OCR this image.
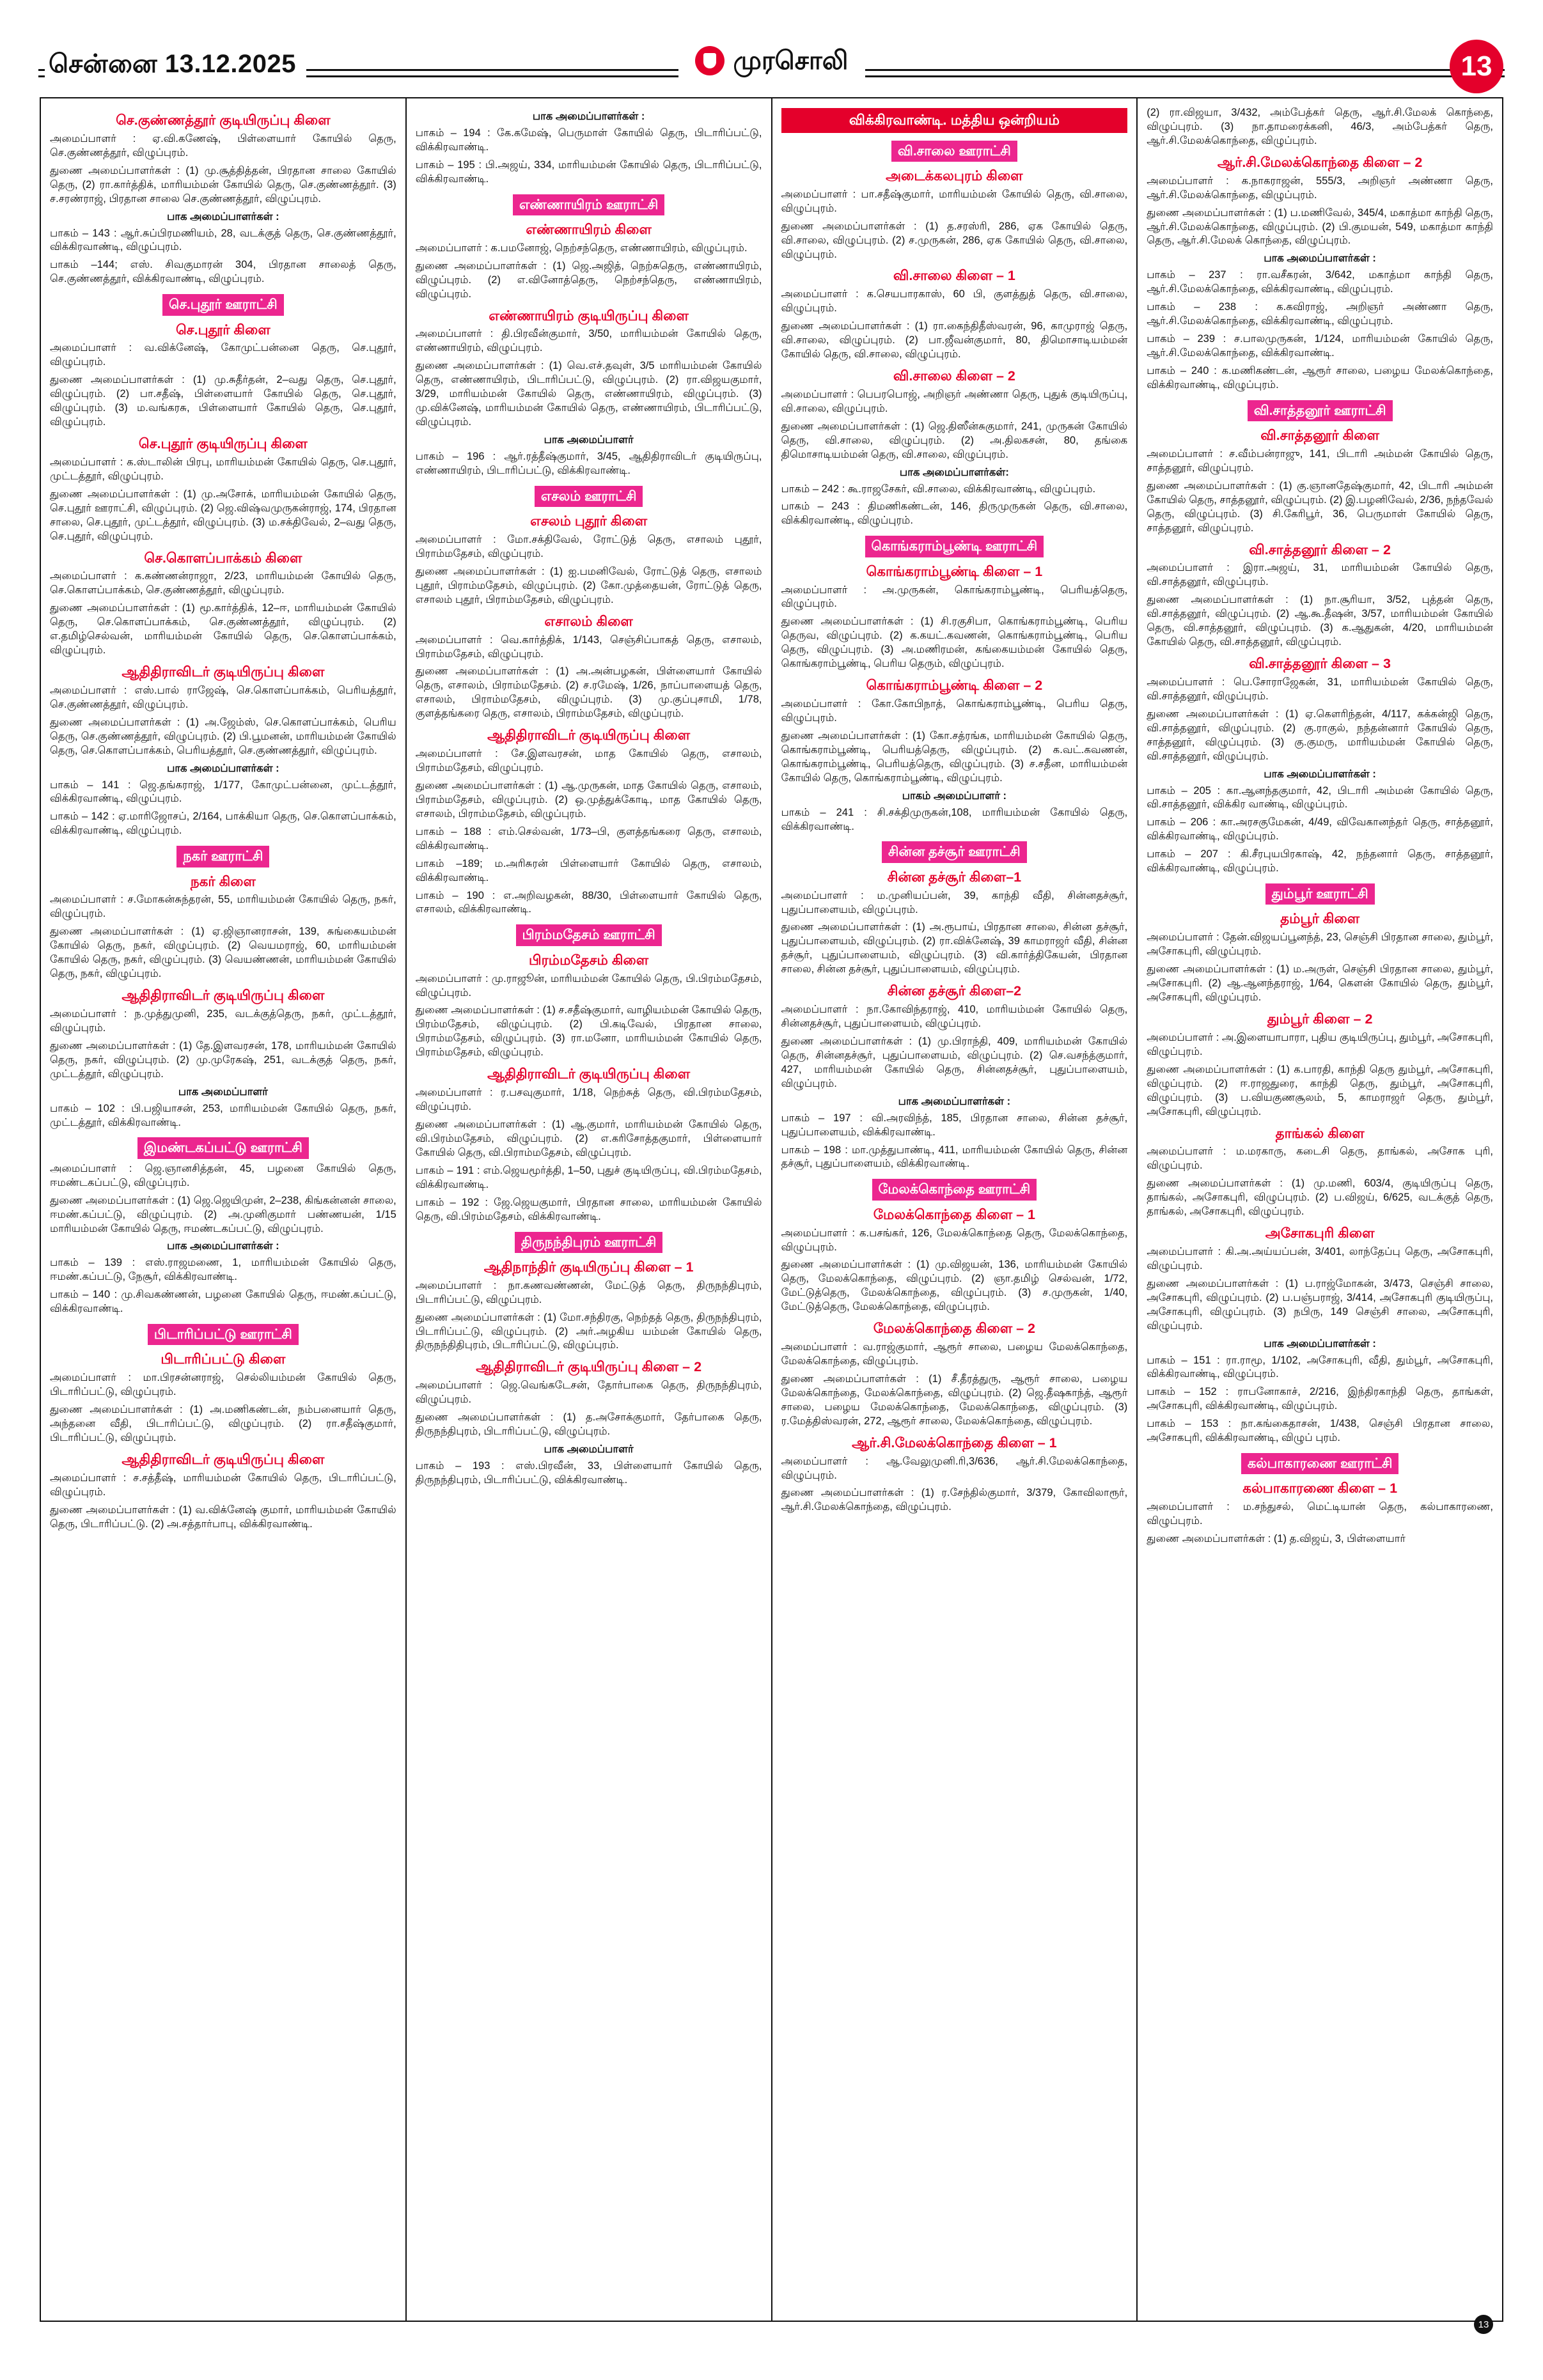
சென்னை 13.12.2025	முரசொலி	13
செ.குண்ணத்தூர் குடியிருப்பு கிளை
அமைப்பாளர் : ஏ.வி.கணேஷ், பிள்ளையார் கோயில் தெரு, செ.குண்ணத்தூர், விழுப்புரம்.
துணை அமைப்பாளர்கள் : (1) மு.சூத்தித்தன், பிரதான சாலை கோயில் தெரு, (2) ரா.கார்த்திக், மாரியம்மன் கோயில் தெரு, செ.குண்ணத்தூர். (3) ச.சரண்ராஜ், பிரதான சாலை செ.குண்ணத்தூர், விழுப்புரம்.
பாக அமைப்பாளர்கள் :
பாகம் – 143 : ஆர்.சுப்பிரமணியம், 28, வடக்குத் தெரு, செ.குண்ணத்தூர், விக்கிரவாண்டி, விழுப்புரம்.
பாகம் –144; எஸ். சிவகுமாரன் 304, பிரதான சாலைத் தெரு, செ.குண்ணத்தூர், விக்கிரவாண்டி, விழுப்புரம்.
செ.புதூர் ஊராட்சி
செ.புதூர் கிளை
அமைப்பாளர் : வ.விக்னேஷ், கோமுட்பன்னை தெரு, செ.புதூர், விழுப்புரம்.
துணை அமைப்பாளர்கள் : (1) மு.சுதீர்தன், 2–வது தெரு, செ.புதூர், விழுப்புரம். (2) பா.சதீஷ், பிள்ளையார் கோயில் தெரு, செ.புதூர், விழுப்புரம். (3) ம.வங்கரசு, பிள்ளையார் கோயில் தெரு, செ.புதூர், விழுப்புரம்.
செ.புதூர் குடியிருப்பு கிளை
அமைப்பாளர் : க.ஸ்டாலின் பிரபு, மாரியம்மன் கோயில் தெரு, செ.புதூர், முட்டத்தூர், விழுப்புரம்.
துணை அமைப்பாளர்கள் : (1) மு.அசோக், மாரியம்மன் கோயில் தெரு, செ.புதூர் ஊராட்சி, விழுப்புரம். (2) ஜெ.விஷ்வமுருகன்ராஜ், 174, பிரதான சாலை, செ.புதூர், முட்டத்தூர், விழுப்புரம். (3) ம.சக்திவேல், 2–வது தெரு, செ.புதூர், விழுப்புரம்.
செ.கொளப்பாக்கம் கிளை
அமைப்பாளர் : க.கண்ணன்ராஜா, 2/23, மாரியம்மன் கோயில் தெரு, செ.கொளப்பாக்கம், செ.குண்ணத்தூர், விழுப்புரம்.
துணை அமைப்பாளர்கள் : (1) மூ.கார்த்திக், 12–ஈ, மாரியம்மன் கோயில் தெரு, செ.கொளப்பாக்கம், செ.குண்ணத்தூர், விழுப்புரம். (2) எ.தமிழ்செல்வன், மாரியம்மன் கோயில் தெரு, செ.கொளப்பாக்கம், விழுப்புரம்.
ஆதிதிராவிடர் குடியிருப்பு கிளை
அமைப்பாளர் : எஸ்.பால் ராஜேஷ், செ.கொளப்பாக்கம், பெரியத்தூர், செ.குண்ணத்தூர், விழுப்புரம்.
துணை அமைப்பாளர்கள் : (1) அ.ஜேம்ஸ், செ.கொளப்பாக்கம், பெரிய தெரு, செ.குண்ணத்தூர், விழுப்புரம். (2) பி.பூமனன், மாரியம்மன் கோயில் தெரு, செ.கொளப்பாக்கம், பெரியத்தூர், செ.குண்ணத்தூர், விழுப்புரம்.
பாக அமைப்பாளர்கள் :
பாகம் – 141 : ஜெ.தங்கராஜ், 1/177, கோமுட்பன்னை, முட்டத்தூர், விக்கிரவாண்டி, விழுப்புரம்.
பாகம் – 142 : ஏ.மாரிஜோசப், 2/164, பாக்கியா தெரு, செ.கொளப்பாக்கம், விக்கிரவாண்டி, விழுப்புரம்.
நகர் ஊராட்சி
நகர் கிளை
அமைப்பாளர் : ச.மோகன்சுந்தரன், 55, மாரியம்மன் கோயில் தெரு, நகர், விழுப்புரம்.
துணை அமைப்பாளர்கள் : (1) ஏ.ஜிஞானராசன், 139, சுங்கையம்மன் கோயில் தெரு, நகர், விழுப்புரம். (2) வெயமராஜ், 60, மாரியம்மன் கோயில் தெரு, நகர், விழுப்புரம். (3) வெயண்ணன், மாரியம்மன் கோயில் தெரு, நகர், விழுப்புரம்.
ஆதிதிராவிடர் குடியிருப்பு கிளை
அமைப்பாளர் : ந.முத்துமுனி, 235, வடக்குத்தெரு, நகர், முட்டத்தூர், விழுப்புரம்.
துணை அமைப்பாளர்கள் : (1) தே.இளவரசன், 178, மாரியம்மன் கோயில் தெரு, நகர், விழுப்புரம். (2) மு.முரேகஷ், 251, வடக்குத் தெரு, நகர், முட்டத்தூர், விழுப்புரம்.
பாக அமைப்பாளர்
பாகம் – 102 : பி.பஜியாசன், 253, மாரியம்மன் கோயில் தெரு, நகர், முட்டத்தூர், விக்கிரவாண்டி.
இமண்டகப்பட்டு ஊராட்சி
அமைப்பாளர் : ஜெ.ஞானசித்தன், 45, பழனை கோயில் தெரு, ஈமண்டகப்பட்டு, விழுப்புரம்.
துணை அமைப்பாளர்கள் : (1) ஜெ.ஜெயிமுன், 2–238, கிங்கன்னன் சாலை, ஈமண்.கப்பட்டு, விழுப்புரம். (2) அ.முனிகுமார் பண்ணயன், 1/15 மாரியம்மன் கோயில் தெரு, ஈமண்டகப்பட்டு, விழுப்புரம்.
பாக அமைப்பாளர்கள் :
பாகம் – 139 : எஸ்.ராஜமணை, 1, மாரியம்மன் கோயில் தெரு, ஈமண்.கப்பட்டு, நேசூர், விக்கிரவாண்டி.
பாகம் – 140 : மு.சிவகண்ணன், பழனை கோயில் தெரு, ஈமண்.கப்பட்டு, விக்கிரவாண்டி.
பிடாரிப்பட்டு ஊராட்சி
பிடாரிப்பட்டு கிளை
அமைப்பாளர் : மா.பிரசன்னராஜ், செல்லியம்மன் கோயில் தெரு, பிடாரிப்பட்டு, விழுப்புரம்.
துணை அமைப்பாளர்கள் : (1) அ.மணிகண்டன், நம்பனையார் தெரு, அந்தனை வீதி, பிடாரிப்பட்டு, விழுப்புரம். (2) ரா.சதீஷ்குமார், பிடாரிப்பட்டு, விழுப்புரம்.
ஆதிதிராவிடர் குடியிருப்பு கிளை
அமைப்பாளர் : ச.சத்தீஷ், மாரியம்மன் கோயில் தெரு, பிடாரிப்பட்டு, விழுப்புரம்.
துணை அமைப்பாளர்கள் : (1) வ.விக்னேஷ் குமார், மாரியம்மன் கோயில் தெரு, பிடாரிப்பட்டு. (2) அ.சத்தார்பாபு, விக்கிரவாண்டி.
பாக அமைப்பாளர்கள் :
பாகம் – 194 : கே.கமேஷ், பெருமாள் கோயில் தெரு, பிடாரிப்பட்டு, விக்கிரவாண்டி.
பாகம் – 195 : பி.அஜய், 334, மாரியம்மன் கோயில் தெரு, பிடாரிப்பட்டு, விக்கிரவாண்டி.
எண்ணாயிரம் ஊராட்சி
எண்ணாயிரம் கிளை
அமைப்பாளர் : க.பமனோஜ், நெற்சந்தெரு, எண்ணாயிரம், விழுப்புரம்.
துணை அமைப்பாளர்கள் : (1) ஜெ.அஜித், நெற்சுதெரு, எண்ணாயிரம், விழுப்புரம். (2) எ.வினோத்தெரு, நெற்சந்தெரு, எண்ணாயிரம், விழுப்புரம்.
எண்ணாயிரம் குடியிருப்பு கிளை
அமைப்பாளர் : தி.பிரவீன்குமார், 3/50, மாரியம்மன் கோயில் தெரு, எண்ணாயிரம், விழுப்புரம்.
துணை அமைப்பாளர்கள் : (1) வெ.எச்.தவுள், 3/5 மாரியம்மன் கோயில் தெரு, எண்ணாயிரம், பிடாரிப்பட்டு, விழுப்புரம். (2) ரா.விஜயகுமார், 3/29, மாரியம்மன் கோயில் தெரு, எண்ணாயிரம், விழுப்புரம். (3) மு.விக்னேஷ், மாரியம்மன் கோயில் தெரு, எண்ணாயிரம், பிடாரிப்பட்டு, விழுப்புரம்.
பாக அமைப்பாளர்
பாகம் – 196 : ஆர்.ரத்தீஷ்குமார், 3/45, ஆதிதிராவிடர் குடியிருப்பு, எண்ணாயிரம், பிடாரிப்பட்டு, விக்கிரவாண்டி.
எசலம் ஊராட்சி
எசலம் புதூர் கிளை
அமைப்பாளர் : மோ.சக்திவேல், ரோட்டுத் தெரு, எசாலம் புதூர், பிராம்மதேசம், விழுப்புரம்.
துணை அமைப்பாளர்கள் : (1) ஐ.பமனிவேல், ரோட்டுத் தெரு, எசாலம் புதூர், பிராம்மதேசம், விழுப்புரம். (2) கோ.முத்தையன், ரோட்டுத் தெரு, எசாலம் புதூர், பிராம்மதேசம், விழுப்புரம்.
எசாலம் கிளை
அமைப்பாளர் : வெ.கார்த்திக், 1/143, செஞ்சிப்பாகத் தெரு, எசாலம், பிராம்மதேசம், விழுப்புரம்.
துணை அமைப்பாளர்கள் : (1) அ.அன்பழகன், பிள்ளையார் கோயில் தெரு, எசாலம், பிராம்மதேசம். (2) ச.ரமேஷ், 1/26, நாப்பாளையத் தெரு, எசாலம், பிராம்மதேசம், விழுப்புரம். (3) மு.குப்புசாமி, 1/78, குளத்தங்கரை தெரு, எசாலம், பிராம்மதேசம், விழுப்புரம்.
ஆதிதிராவிடர் குடியிருப்பு கிளை
அமைப்பாளர் : சே.இளவரசன், மாத கோயில் தெரு, எசாலம், பிராம்மதேசம், விழுப்புரம்.
துணை அமைப்பாளர்கள் : (1) ஆ.முருகன், மாத கோயில் தெரு, எசாலம், பிராம்மதேசம், விழுப்புரம். (2) ஒ.முத்துக்கோடி, மாத கோயில் தெரு, எசாலம், பிராம்மதேசம், விழுப்புரம்.
பாகம் – 188 : எம்.செல்வன், 1/73–பி, குளத்தங்கரை தெரு, எசாலம், விக்கிரவாண்டி.
பாகம் –189; ம.அரிசுரன் பிள்ளையார் கோயில் தெரு, எசாலம், விக்கிரவாண்டி.
பாகம் – 190 : எ.அறிவழகன், 88/30, பிள்ளையார் கோயில் தெரு, எசாலம், விக்கிரவாண்டி.
பிரம்மதேசம் ஊராட்சி
பிரம்மதேசம் கிளை
அமைப்பாளர் : மு.ராஜூன், மாரியம்மன் கோயில் தெரு, பி.பிரம்மதேசம், விழுப்புரம்.
துணை அமைப்பாளர்கள் : (1) ச.சதீஷ்குமார், வாழியம்மன் கோயில் தெரு, பிரம்மதேசம், விழுப்புரம். (2) பி.கடிவேல், பிரதான சாலை, பிராம்மதேசம், விழுப்புரம். (3) ரா.மனோ, மாரியம்மன் கோயில் தெரு, பிராம்மதேசம், விழுப்புரம்.
ஆதிதிராவிடர் குடியிருப்பு கிளை
அமைப்பாளர் : ர.பசவுகுமார், 1/18, நெற்சுத் தெரு, வி.பிரம்மதேசம், விழுப்புரம்.
துணை அமைப்பாளர்கள் : (1) ஆ.குமார், மாரியம்மன் கோயில் தெரு, வி.பிரம்மதேசம், விழுப்புரம். (2) எ.கரிசோத்தகுமார், பிள்ளையார் கோயில் தெரு, வி.பிராம்மதேசம், விழுப்புரம்.
பாகம் – 191 : எம்.ஜெயமூர்த்தி, 1–50, புதுச் குடியிருப்பு, வி.பிரம்மதேசம், விக்கிரவாண்டி.
பாகம் – 192 : ஜே.ஜெயகுமார், பிரதான சாலை, மாரியம்மன் கோயில் தெரு, வி.பிரம்மதேசம், விக்கிரவாண்டி.
திருநந்திபுரம் ஊராட்சி
ஆதிநாந்திர் குடியிருப்பு கிளை – 1
அமைப்பாளர் : நா.கணவண்ணன், மேட்டுத் தெரு, திருநந்திபுரம், பிடாரிப்பட்டு, விழுப்புரம்.
துணை அமைப்பாளர்கள் : (1) மோ.சந்திரகு, நெற்தத் தெரு, திருநந்திபுரம், பிடாரிப்பட்டு, விழுப்புரம். (2) அர்.அழகிய யம்மன் கோயில் தெரு, திருநந்திதிபுரம், பிடாரிப்பட்டு, விழுப்புரம்.
ஆதிதிராவிடர் குடியிருப்பு கிளை – 2
அமைப்பாளர் : ஜெ.வெங்கடேசன், தோர்பாகை தெரு, திருநந்திபுரம், விழுப்புரம்.
துணை அமைப்பாளர்கள் : (1) த.அசோக்குமார், தேர்பாகை தெரு, திருநந்திபுரம், பிடாரிப்பட்டு, விழுப்புரம்.
பாக அமைப்பாளர்
பாகம் – 193 : எஸ்.பிரவீன், 33, பிள்ளையார் கோயில் தெரு, திருநந்திபுரம், பிடாரிப்பட்டு, விக்கிரவாண்டி.
விக்கிரவாண்டி. மத்திய ஒன்றியம்
வி.சாலை ஊராட்சி
அடைக்கலபுரம் கிளை
அமைப்பாளர் : பா.சதீஷ்குமார், மாரியம்மன் கோயில் தெரு, வி.சாலை, விழுப்புரம்.
துணை அமைப்பாளர்கள் : (1) த.சரஸ்ரி, 286, ஏக கோயில் தெரு, வி.சாலை, விழுப்புரம். (2) ச.முருகன், 286, ஏக கோயில் தெரு, வி.சாலை, விழுப்புரம்.
வி.சாலை கிளை – 1
அமைப்பாளர் : க.செயபாரகாஸ், 60 பி, குளத்துத் தெரு, வி.சாலை, விழுப்புரம்.
துணை அமைப்பாளர்கள் : (1) ரா.கைந்திதீஸ்வரன், 96, காமுராஜ் தெரு, வி.சாலை, விழுப்புரம். (2) பா.ஜீவன்குமார், 80, திமொசாடியம்மன் கோயில் தெரு, வி.சாலை, விழுப்புரம்.
வி.சாலை கிளை – 2
அமைப்பாளர் : பெபரபொஜ், அறிஞர் அண்ணா தெரு, புதுக் குடியிருப்பு, வி.சாலை, விழுப்புரம்.
துணை அமைப்பாளர்கள் : (1) ஜெ.திஸீன்சுகுமார், 241, முருகன் கோயில் தெரு, வி.சாலை, விழுப்புரம். (2) அ.திலகசன், 80, தங்கை திமொசாடியம்மன் தெரு, வி.சாலை, விழுப்புரம்.
பாக அமைப்பாளர்கள்:
பாகம் – 242 : கூ.ராஜசேகர், வி.சாலை, விக்கிரவாண்டி, விழுப்புரம்.
பாகம் – 243 : திமணிகண்டன், 146, திருமுருகன் தெரு, வி.சாலை, விக்கிரவாண்டி, விழுப்புரம்.
கொங்கராம்பூண்டி ஊராட்சி
கொங்கராம்பூண்டி கிளை – 1
அமைப்பாளர் : அ.முருகன், கொங்கராம்பூண்டி, பெரியத்தெரு, விழுப்புரம்.
துணை அமைப்பாளர்கள் : (1) சி.ரகுசிபா, கொங்கராம்பூண்டி, பெரிய தெருவ, விழுப்புரம். (2) க.கயட்.கவணன், கொங்கராம்பூண்டி, பெரிய தெரு, விழுப்புரம். (3) அ.மணிரமன், கங்கையம்மன் கோயில் தெரு, கொங்கராம்பூண்டி, பெரிய தெரும், விழுப்புரம்.
கொங்கராம்பூண்டி கிளை – 2
அமைப்பாளர் : கோ.கோபிநாத், கொங்கராம்பூண்டி, பெரிய தெரு, விழுப்புரம்.
துணை அமைப்பாளர்கள் : (1) கோ.சத்ரங்க, மாரியம்மன் கோயில் தெரு, கொங்கராம்பூண்டி, பெரியத்தெரு, விழுப்புரம். (2) க.வட்.கவணன், கொங்கராம்பூண்டி, பெரியத்தெரு, விழுப்புரம். (3) ச.சதீன, மாரியம்மன் கோயில் தெரு, கொங்கராம்பூண்டி, விழுப்புரம்.
பாகம் அமைப்பாளர் :
பாகம் – 241 : சி.சக்திமுருகன்,108, மாரியம்மன் கோயில் தெரு, விக்கிரவாண்டி.
சின்ன தச்சூர் ஊராட்சி
சின்ன தச்சூர் கிளை–1
அமைப்பாளர் : ம.முனியப்பன், 39, காந்தி வீதி, சின்னதச்சூர், புதுப்பாளையம், விழுப்புரம்.
துணை அமைப்பாளர்கள் : (1) அ.ரூபாய், பிரதான சாலை, சின்ன தச்சூர், புதுப்பாளையம், விழுப்புரம். (2) ரா.விக்னேஷ், 39 காமராஜர் வீதி, சின்ன தச்சூர், புதுப்பாளையம், விழுப்புரம். (3) வி.கார்த்திகேயன், பிரதான சாலை, சின்ன தச்சூர், புதுப்பாளையம், விழுப்புரம்.
சின்ன தச்சூர் கிளை–2
அமைப்பாளர் : நா.கோவிந்தராஜ், 410, மாரியம்மன் கோயில் தெரு, சின்னதச்சூர், புதுப்பாளையம், விழுப்புரம்.
துணை அமைப்பாளர்கள் : (1) மு.பிராந்தி, 409, மாரியம்மன் கோயில் தெரு, சின்னதச்சூர், புதுப்பாளையம், விழுப்புரம். (2) செ.வசந்த்குமார், 427, மாரியம்மன் கோயில் தெரு, சின்னதச்சூர், புதுப்பாளையம், விழுப்புரம்.
பாக அமைப்பாளர்கள் :
பாகம் – 197 : வி.அரவிந்த், 185, பிரதான சாலை, சின்ன தச்சூர், புதுப்பாளையம், விக்கிரவாண்டி.
பாகம் – 198 : மா.முத்துபாண்டி, 411, மாரியம்மன் கோயில் தெரு, சின்ன தச்சூர், புதுப்பாளையம், விக்கிரவாண்டி.
மேலக்கொந்தை ஊராட்சி
மேலக்கொந்தை கிளை – 1
அமைப்பாளர் : க.பசங்கர், 126, மேலக்கொந்தை தெரு, மேலக்கொந்தை, விழுப்புரம்.
துணை அமைப்பாளர்கள் : (1) மு.விஜயன், 136, மாரியம்மன் கோயில் தெரு, மேலக்கொந்தை, விழுப்புரம். (2) ஞா.தமிழ் செல்வன், 1/72, மேட்டுத்தெரு, மேலக்கொந்தை, விழுப்புரம். (3) ச.முருகன், 1/40, மேட்டுத்தெரு, மேலக்கொந்தை, விழுப்புரம்.
மேலக்கொந்தை கிளை – 2
அமைப்பாளர் : வ.ராஜ்குமார், ஆரூர் சாலை, பழைய மேலக்கொந்தை, மேலக்கொந்தை, விழுப்புரம்.
துணை அமைப்பாளர்கள் : (1) சீ.தீரத்துரு, ஆரூர் சாலை, பழைய மேலக்கொந்தை, மேலக்கொந்தை, விழுப்புரம். (2) ஜெ.தீஷகாந்த், ஆரூர் சாலை, பழைய மேலக்கொந்தை, மேலக்கொந்தை, விழுப்புரம். (3) ர.மேத்திஸ்வரன், 272, ஆரூர் சாலை, மேலக்கொந்தை, விழுப்புரம்.
ஆர்.சி.மேலக்கொந்தை கிளை – 1
அமைப்பாளர் : ஆ.வேலுமுனி.ரி,3/636, ஆர்.சி.மேலக்கொந்தை, விழுப்புரம்.
துணை அமைப்பாளர்கள் : (1) ர.சேந்தில்குமார், 3/379, கோவிலாரூர், ஆர்.சி.மேலக்கொந்தை, விழுப்புரம்.
(2) ரா.விஜயா, 3/432, அம்பேத்கர் தெரு, ஆர்.சி.மேலக் கொந்தை, விழுப்புரம். (3) நா.தாமரைக்கனி, 46/3, அம்பேத்கர் தெரு, ஆர்.சி.மேலக்கொந்தை, விழுப்புரம்.
ஆர்.சி.மேலக்கொந்தை கிளை – 2
அமைப்பாளர் : க.நாகராஜன், 555/3, அறிஞர் அண்ணா தெரு, ஆர்.சி.மேலக்கொந்தை, விழுப்புரம்.
துணை அமைப்பாளர்கள் : (1) ப.மணிவேல், 345/4, மகாத்மா காந்தி தெரு, ஆர்.சி.மேலக்கொந்தை, விழுப்புரம். (2) பி.குமயன், 549, மகாத்மா காந்தி தெரு, ஆர்.சி.மேலக் கொந்தை, விழுப்புரம்.
பாக அமைப்பாளர்கள் :
பாகம் – 237 : ரா.வசீகரன், 3/642, மகாத்மா காந்தி தெரு, ஆர்.சி.மேலக்கொந்தை, விக்கிரவாண்டி, விழுப்புரம்.
பாகம் – 238 : க.கவிராஜ், அறிஞர் அண்ணா தெரு, ஆர்.சி.மேலக்கொந்தை, விக்கிரவாண்டி, விழுப்புரம்.
பாகம் – 239 : ச.பாலமுருகன், 1/124, மாரியம்மன் கோயில் தெரு, ஆர்.சி.மேலக்கொந்தை, விக்கிரவாண்டி.
பாகம் – 240 : க.மணிகண்டன், ஆரூர் சாலை, பழைய மேலக்கொந்தை, விக்கிரவாண்டி, விழுப்புரம்.
வி.சாத்தனூர் ஊராட்சி
வி.சாத்தனூர் கிளை
அமைப்பாளர் : ச.வீம்பன்ராஜு, 141, பிடாரி அம்மன் கோயில் தெரு, சாத்தனூர், விழுப்புரம்.
துணை அமைப்பாளர்கள் : (1) கு.ஞானதேஷ்குமார், 42, பிடாரி அம்மன் கோயில் தெரு, சாத்தனூர், விழுப்புரம். (2) இ.பழனிவேல், 2/36, நந்தவேல் தெரு, விழுப்புரம். (3) சி.கேரிபூர், 36, பெருமாள் கோயில் தெரு, சாத்தனூர், விழுப்புரம்.
வி.சாத்தனூர் கிளை – 2
அமைப்பாளர் : இரா.அஜய், 31, மாரியம்மன் கோயில் தெரு, வி.சாத்தனூர், விழுப்புரம்.
துணை அமைப்பாளர்கள் : (1) நா.சூரியா, 3/52, புத்தன் தெரு, வி.சாத்தனூர், விழுப்புரம். (2) ஆ.கூ.தீஷன், 3/57, மாரியம்மன் கோயில் தெரு, வி.சாத்தனூர், விழுப்புரம். (3) க.ஆதுகன், 4/20, மாரியம்மன் கோயில் தெரு, வி.சாத்தனூர், விழுப்புரம்.
வி.சாத்தனூர் கிளை – 3
அமைப்பாளர் : பெ.சோராஜேகன், 31, மாரியம்மன் கோயில் தெரு, வி.சாத்தனூர், விழுப்புரம்.
துணை அமைப்பாளர்கள் : (1) ஏ.கெளரிந்தன், 4/117, கக்கன்ஜி தெரு, வி.சாத்தனூர், விழுப்புரம். (2) கு.ராகுல், நந்தன்னார் கோயில் தெரு, சாத்தனூர், விழுப்புரம். (3) கு.குமரு, மாரியம்மன் கோயில் தெரு, வி.சாத்தனூர், விழுப்புரம்.
பாக அமைப்பாளர்கள் :
பாகம் – 205 : கா.ஆனந்தகுமார், 42, பிடாரி அம்மன் கோயில் தெரு, வி.சாத்தனூர், விக்கிர வாண்டி, விழுப்புரம்.
பாகம் – 206 : கா.அரசகுமேகன், 4/49, விவேகானந்தர் தெரு, சாத்தனூர், விக்கிரவாண்டி, விழுப்புரம்.
பாகம் – 207 : கி.சீரபுயபிரகாஷ், 42, நந்தனார் தெரு, சாத்தனூர், விக்கிரவாண்டி, விழுப்புரம்.
தும்பூர் ஊராட்சி
தம்பூர் கிளை
அமைப்பாளர் : தேன்.விஜயப்பூனந்த், 23, செஞ்சி பிரதான சாலை, தும்பூர், அசோகபுரி, விழுப்புரம்.
துணை அமைப்பாளர்கள் : (1) ம.அருள், செஞ்சி பிரதான சாலை, தும்பூர், அசோகபுரி. (2) ஆ.ஆனந்தராஜ், 1/64, கெளன் கோயில் தெரு, தும்பூர், அசோகபுரி, விழுப்புரம்.
தும்பூர் கிளை – 2
அமைப்பாளர் : அ.இளையாபாரா, புதிய குடியிருப்பு, தும்பூர், அசோகபுரி, விழுப்புரம்.
துணை அமைப்பாளர்கள் : (1) க.பாரதி, காந்தி தெரு தும்பூர், அசோகபுரி, விழுப்புரம். (2) ஈ.ராஜதுரை, காந்தி தெரு, தும்பூர், அசோகபுரி, விழுப்புரம். (3) ப.வியகுணசூலம், 5, காமராஜர் தெரு, தும்பூர், அசோகபுரி, விழுப்புரம்.
தாங்கல் கிளை
அமைப்பாளர் : ம.மரகாரு, கடைசி தெரு, தாங்கல், அசோக புரி, விழுப்புரம்.
துணை அமைப்பாளர்கள் : (1) மு.மணி, 603/4, குடியிருப்பு தெரு, தாங்கல், அசோகபுரி, விழுப்புரம். (2) ப.விஜய், 6/625, வடக்குத் தெரு, தாங்கல், அசோகபுரி, விழுப்புரம்.
அசோகபுரி கிளை
அமைப்பாளர் : கி.அ.அய்யப்பன், 3/401, லாந்தேப்பு தெரு, அசோகபுரி, விழுப்புரம்.
துணை அமைப்பாளர்கள் : (1) ப.ராஜ்மோகன், 3/473, செஞ்சி சாலை, அசோகபுரி, விழுப்புரம். (2) ப.பஞ்பராஜ், 3/414, அசோகபுரி குடியிருப்பு, அசோகபுரி, விழுப்புரம். (3) நபிரு, 149 செஞ்சி சாலை, அசோகபுரி, விழுப்புரம்.
பாக அமைப்பாளர்கள் :
பாகம் – 151 : ரா.ராமூ, 1/102, அசோகபுரி, வீதி, தும்பூர், அசோகபுரி, விக்கிரவாண்டி, விழுப்புரம்.
பாகம் – 152 : ராபனோகாச், 2/216, இந்திரகாந்தி தெரு, தாங்கள், அசோகபுரி, விக்கிரவாண்டி, விழுப்புரம்.
பாகம் – 153 : நா.கங்கைதாசன், 1/438, செஞ்சி பிரதான சாலை, அசோகபுரி, விக்கிரவாண்டி, விழுப் புரம்.
கல்பாகாரணை ஊராட்சி
கல்பாகாரணை கிளை – 1
அமைப்பாளர் : ம.சந்துசல், மெட்டியான் தெரு, கல்பாகாரணை, விழுப்புரம்.
துணை அமைப்பாளர்கள் : (1) த.விஜய், 3, பிள்ளையார்
13
